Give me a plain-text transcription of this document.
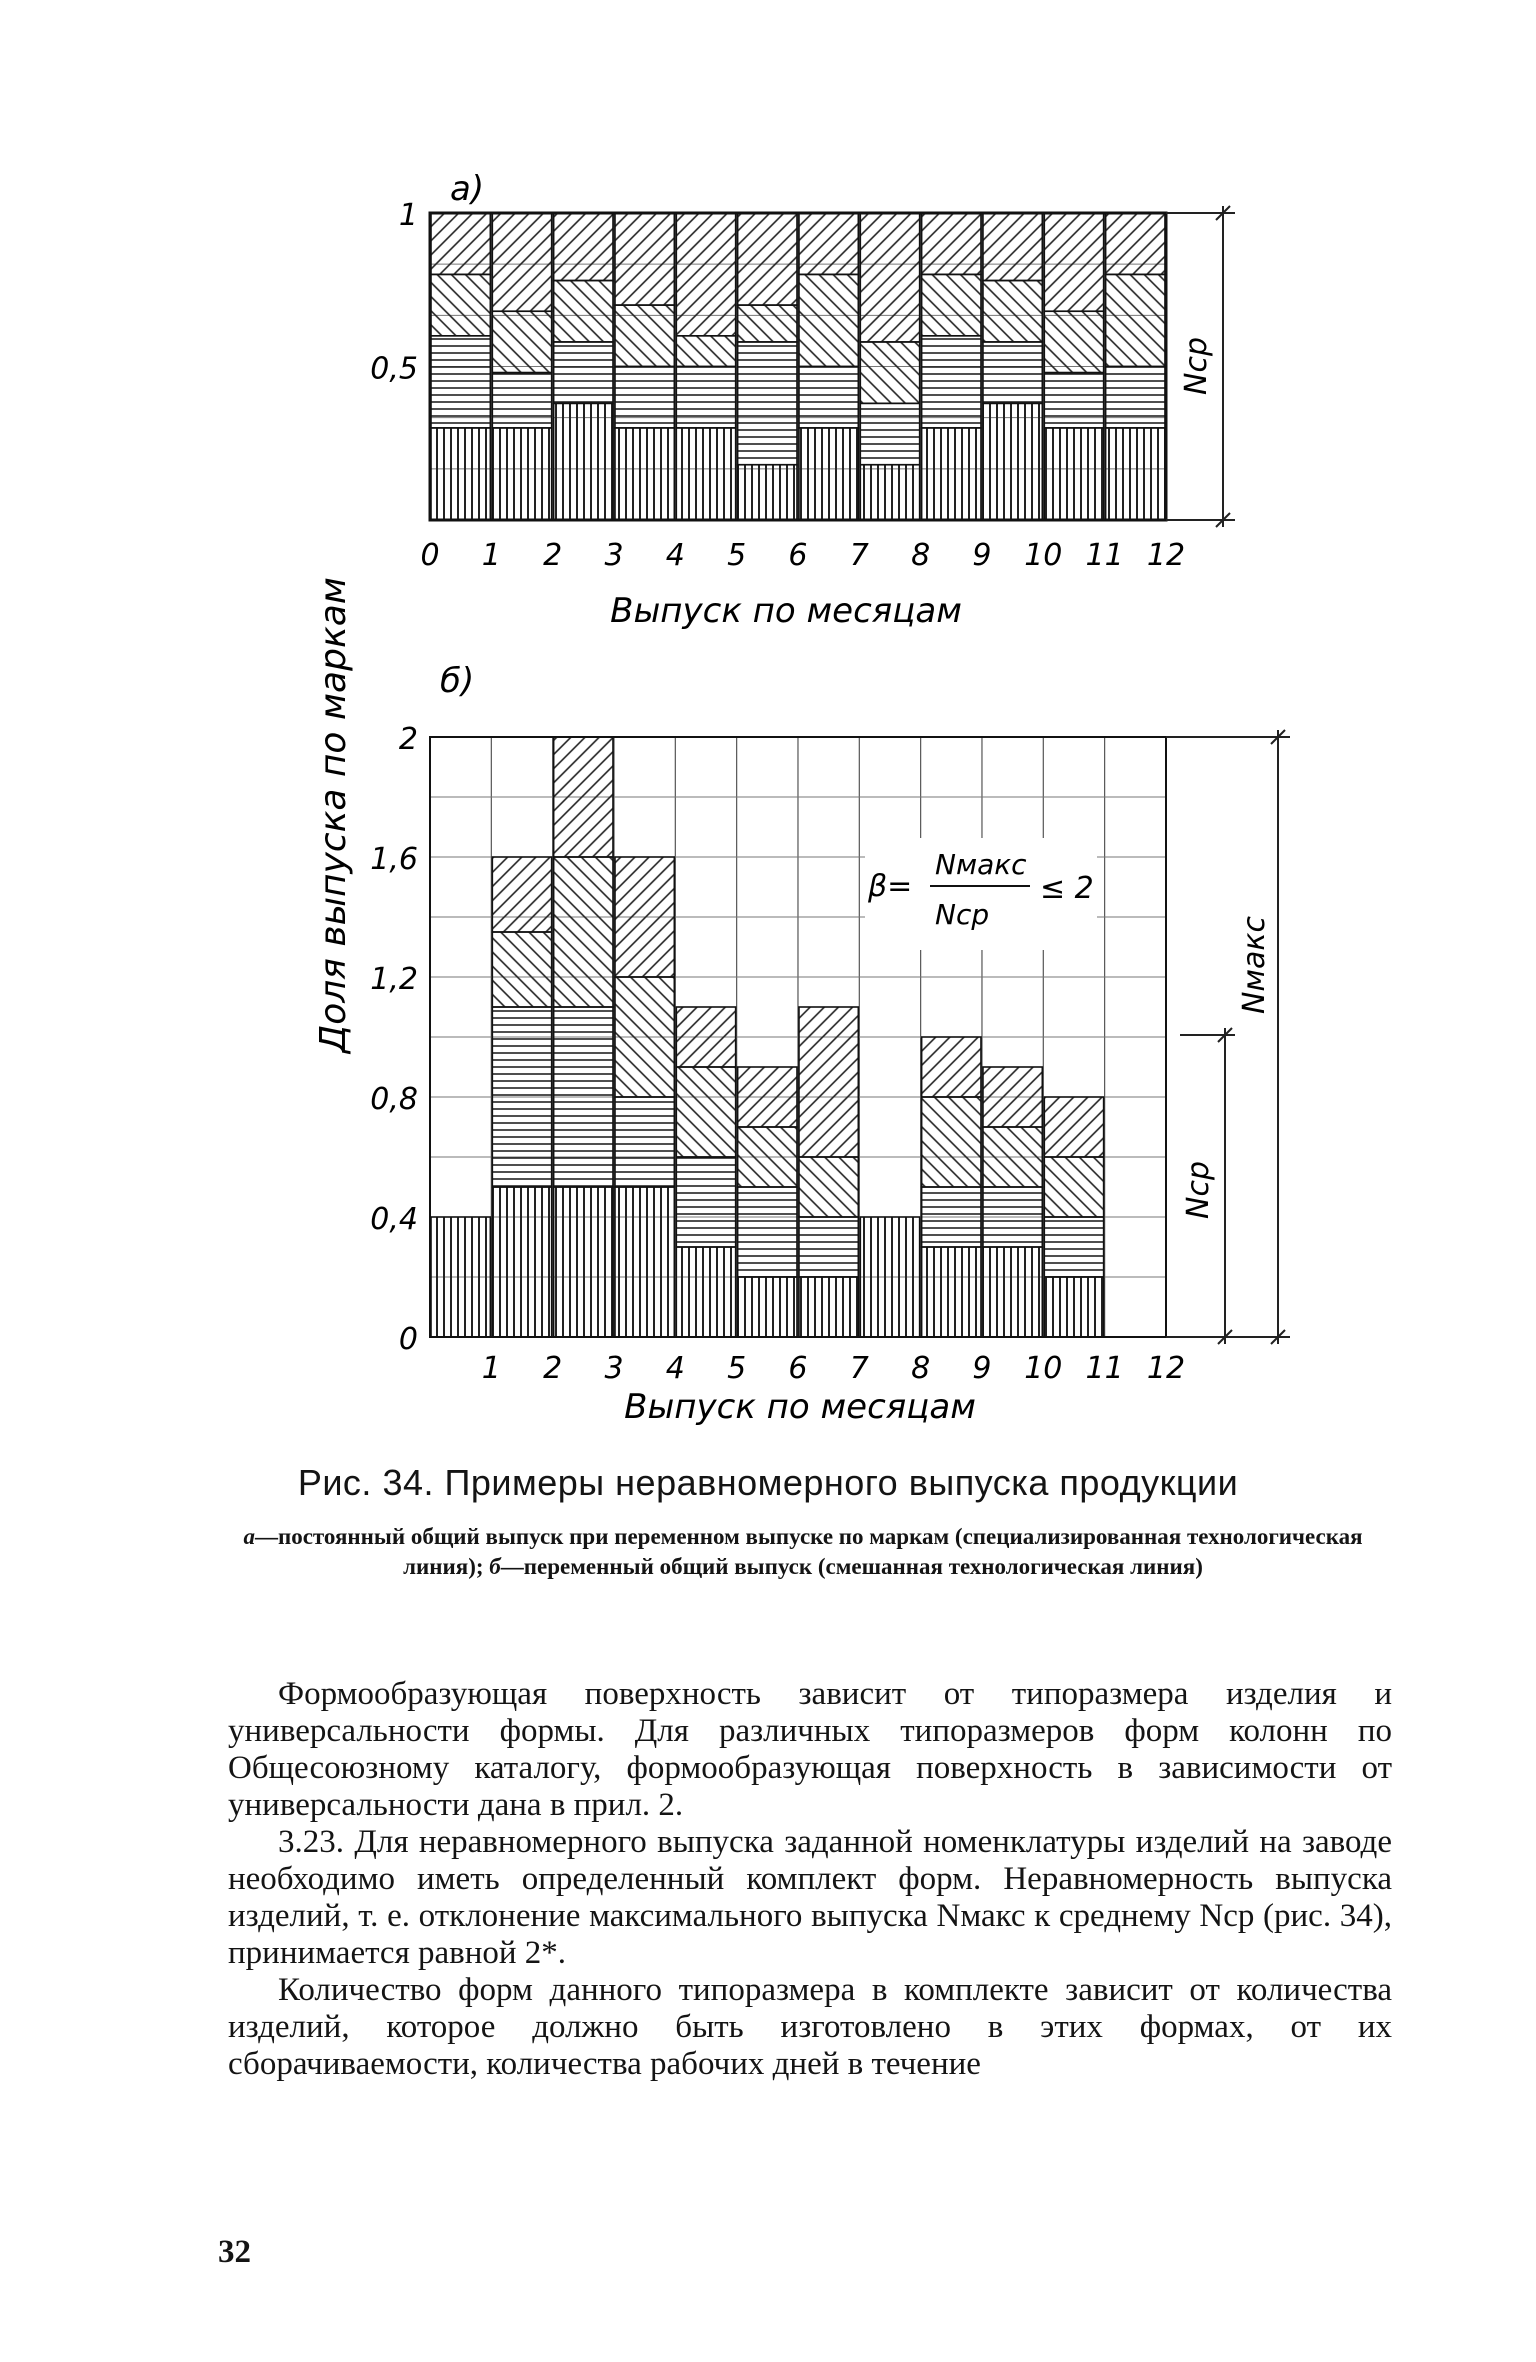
0 1 2 3 4 5 6 7 8 9 10 11 12
0,5
1
a)
Выпуск по месяцам
Nср
Доля выпуска по маркам
1 2 3 4 5 6 7 8 9 10 11 12
0
0,4
0,8
1,2
1,6
2
б)
Выпуск по месяцам
β=
Nмакс
Nср
≤ 2
Nмакс
Nср
Рис. 34. Примеры неравномерного выпуска продукции
а—постоянный общий выпуск при переменном выпуске по маркам (специализированная технологическая линия); б—переменный общий выпуск (смешанная технологическая линия)

Формообразующая поверхность зависит от типоразмера изделия и универсальности формы. Для различных типоразмеров форм колонн по Общесоюзному каталогу, формообразующая поверхность в зависимости от универсальности дана в прил. 2.

3.23. Для неравномерного выпуска заданной номенклатуры изделий на заводе необходимо иметь определенный комплект форм. Неравномерность выпуска изделий, т. е. отклонение максимального выпуска Nмакс к среднему Nср (рис. 34), принимается равной 2*.

Количество форм данного типоразмера в комплекте зависит от количества изделий, которое должно быть изготовлено в этих формах, от их сборачиваемости, количества рабочих дней в течение

32
